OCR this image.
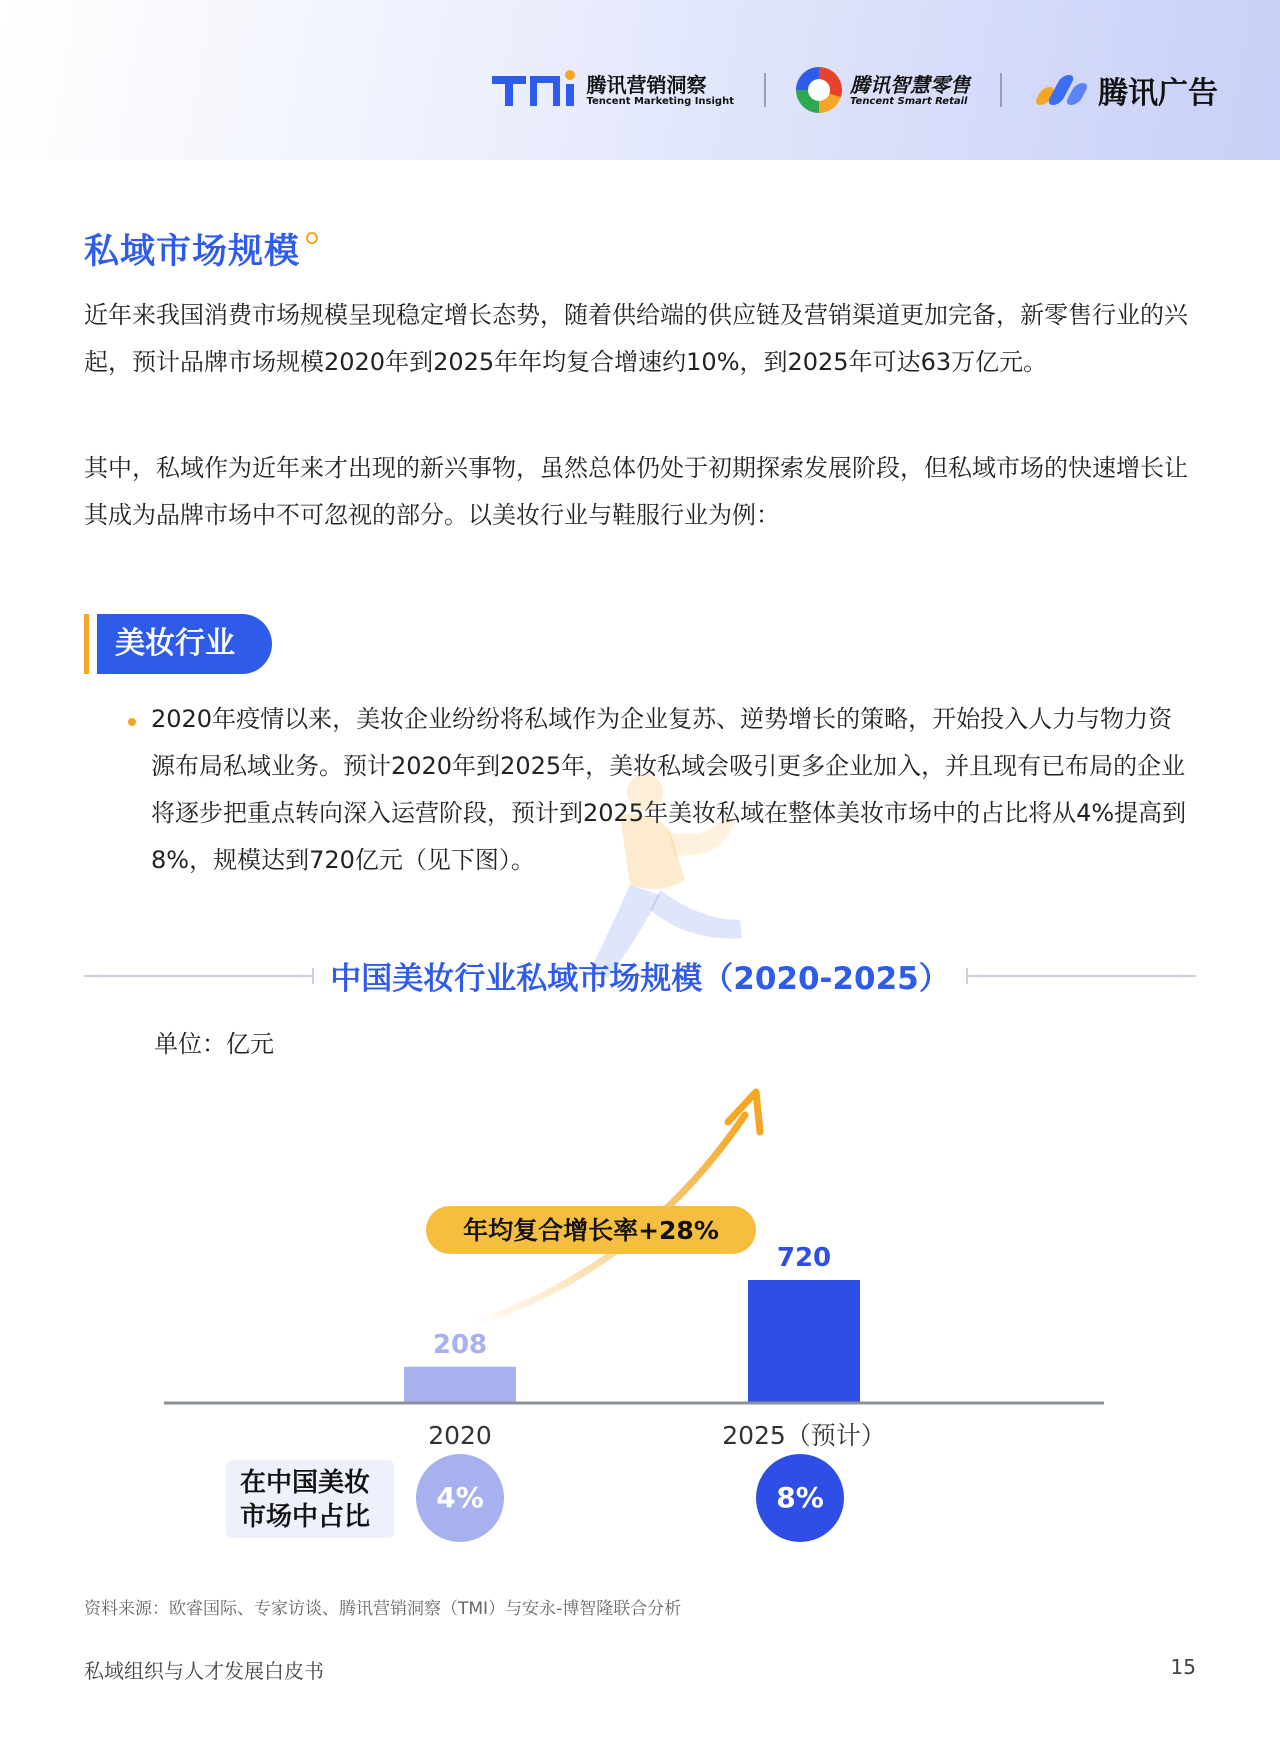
腾讯营销洞察
Tencent Marketing Insight
腾讯智慧零售
Tencent Smart Retail	腾讯广告
私域市场规模

近年来我国消费市场规模呈现稳定增长态势，随着供给端的供应链及营销渠道更加完备，新零售行业的兴起，预计品牌市场规模2020年到2025年年均复合增速约10%，到2025年可达63万亿元。

其中，私域作为近年来才出现的新兴事物，虽然总体仍处于初期探索发展阶段，但私域市场的快速增长让其成为品牌市场中不可忽视的部分。以美妆行业与鞋服行业为例：

美妆行业

2020年疫情以来，美妆企业纷纷将私域作为企业复苏、逆势增长的策略，开始投入人力与物力资源布局私域业务。预计2020年到2025年，美妆私域会吸引更多企业加入，并且现有已布局的企业将逐步把重点转向深入运营阶段，预计到2025年美妆私域在整体美妆市场中的占比将从4%提高到8%，规模达到720亿元（见下图）。

中国美妆行业私域市场规模（2020-2025）
单位：亿元
年均复合增长率+28%
208
2020
720
2025（预计）
在中国美妆市场中占比
4%	8%
资料来源：欧睿国际、专家访谈、腾讯营销洞察（TMI）与安永-博智隆联合分析
私域组织与人才发展白皮书	15
